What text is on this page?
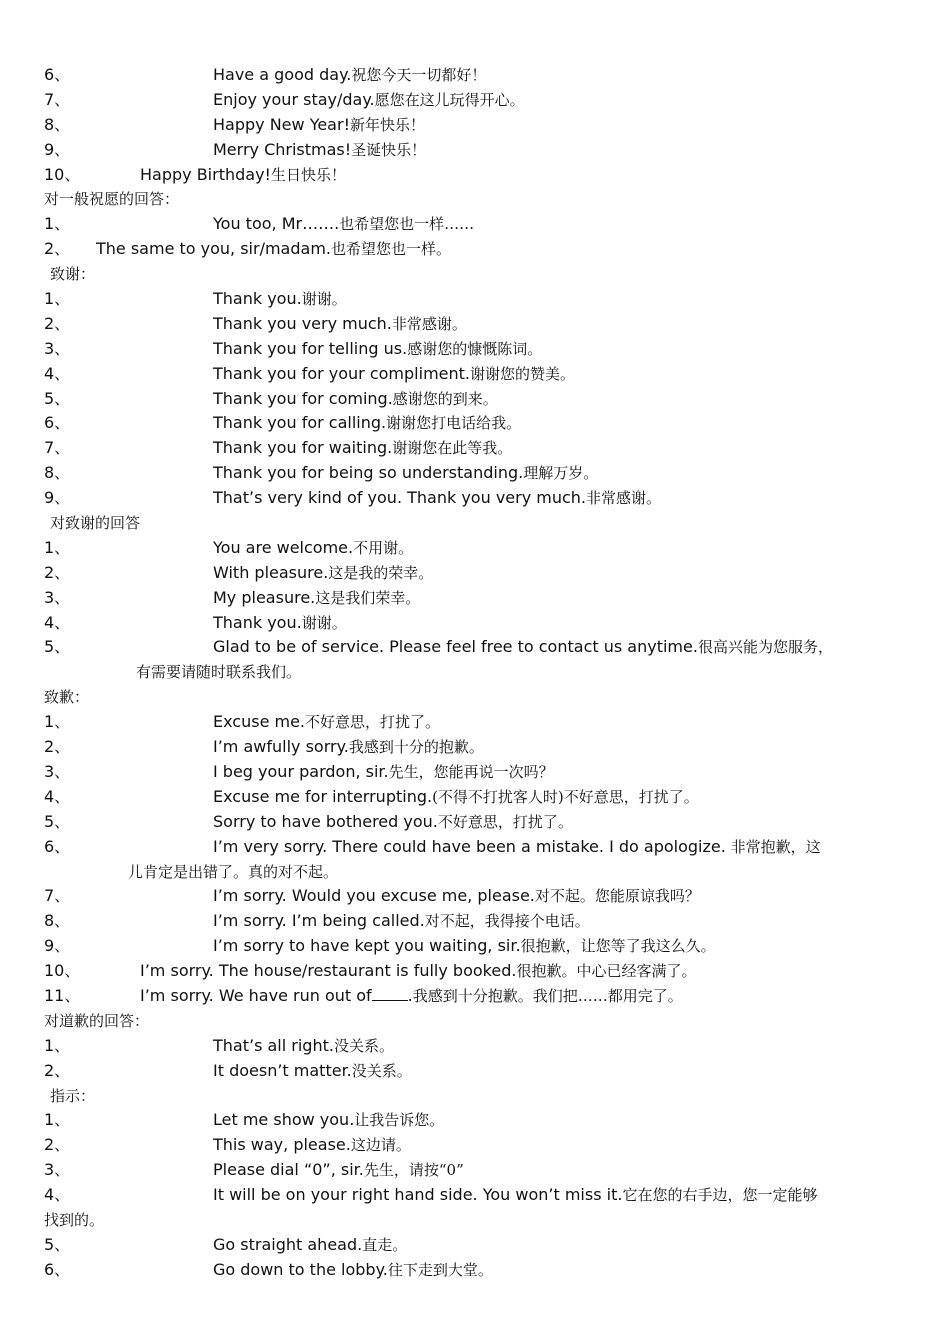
6、	Have a good day.祝您今天一切都好！
7、	Enjoy your stay/day.愿您在这儿玩得开心。
8、	Happy New Year!新年快乐！
9、	Merry Christmas!圣诞快乐！
10、	Happy Birthday!生日快乐！
对一般祝愿的回答：
1、	You too, Mr…….也希望您也一样……
2、 The same to you, sir/madam.也希望您也一样。
致谢：
1、	Thank you.谢谢。
2、	Thank you very much.非常感谢。
3、	Thank you for telling us.感谢您的慷慨陈词。
4、	Thank you for your compliment.谢谢您的赞美。
5、	Thank you for coming.感谢您的到来。
6、	Thank you for calling.谢谢您打电话给我。
7、	Thank you for waiting.谢谢您在此等我。
8、	Thank you for being so understanding.理解万岁。
9、	That’s very kind of you. Thank you very much.非常感谢。
对致谢的回答
1、	You are welcome.不用谢。
2、	With pleasure.这是我的荣幸。
3、	My pleasure.这是我们荣幸。
4、	Thank you.谢谢。
5、	Glad to be of service. Please feel free to contact us anytime.很高兴能为您服务，
有需要请随时联系我们。
致歉：
1、	Excuse me.不好意思，打扰了。
2、	I’m awfully sorry.我感到十分的抱歉。
3、	I beg your pardon, sir.先生，您能再说一次吗？
4、	Excuse me for interrupting.(不得不打扰客人时)不好意思，打扰了。
5、	Sorry to have bothered you.不好意思，打扰了。
6、	I’m very sorry. There could have been a mistake. I do apologize. 非常抱歉，这
儿肯定是出错了。真的对不起。
7、	I’m sorry. Would you excuse me, please.对不起。您能原谅我吗？
8、	I’m sorry. I’m being called.对不起，我得接个电话。
9、	I’m sorry to have kept you waiting, sir.很抱歉，让您等了我这么久。
10、	I’m sorry. The house/restaurant is fully booked.很抱歉。中心已经客满了。
11、	I’m sorry. We have run out of .我感到十分抱歉。我们把……都用完了。
对道歉的回答：
1、	That’s all right.没关系。
2、	It doesn’t matter.没关系。
指示：
1、	Let me show you.让我告诉您。
2、	This way, please.这边请。
3、	Please dial “0”, sir.先生，请按“0”
4、	It will be on your right hand side. You won’t miss it.它在您的右手边，您一定能够
找到的。
5、	Go straight ahead.直走。
6、	Go down to the lobby.往下走到大堂。
